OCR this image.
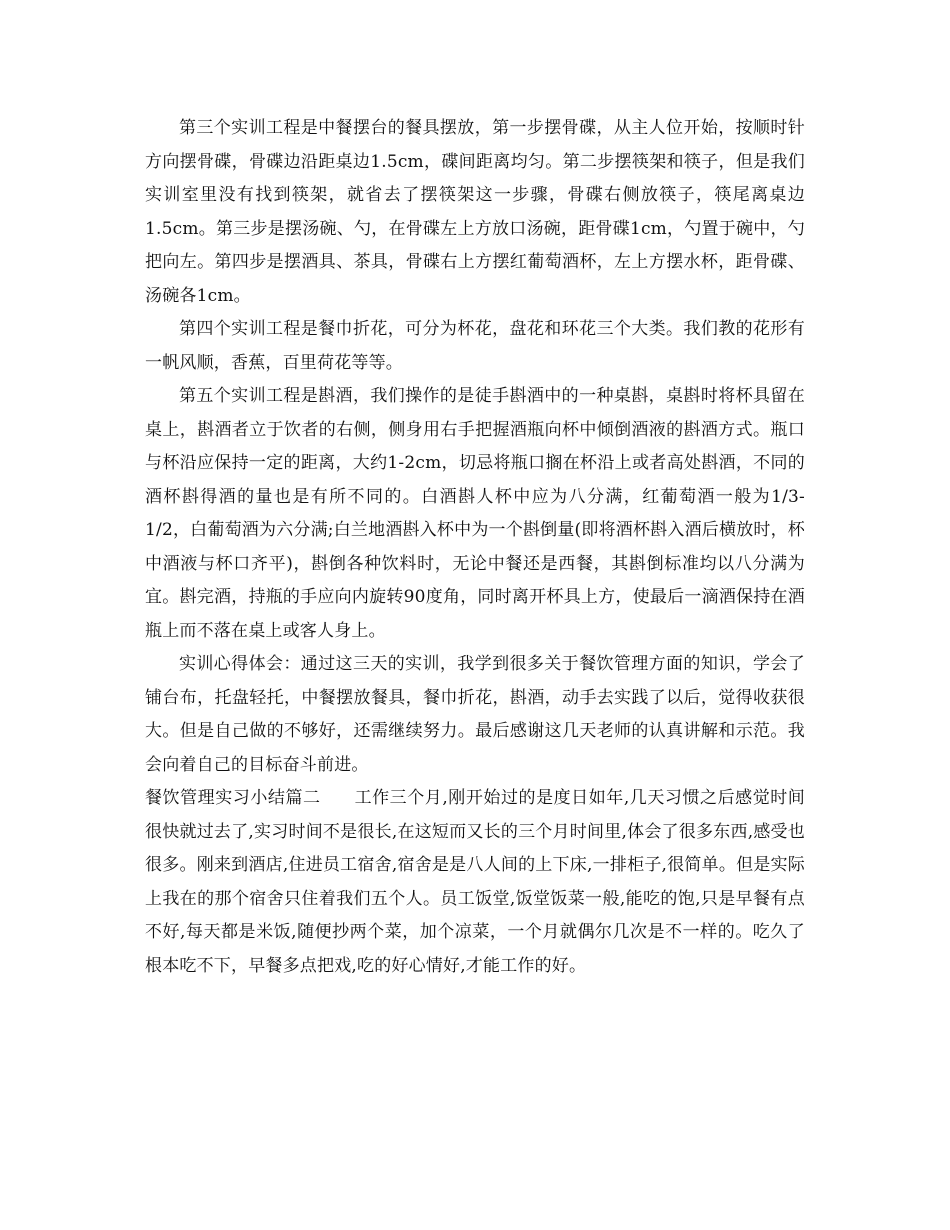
第三个实训工程是中餐摆台的餐具摆放，第一步摆骨碟，从主人位开始，按顺时针方向摆骨碟，骨碟边沿距桌边1.5cm，碟间距离均匀。第二步摆筷架和筷子，但是我们实训室里没有找到筷架，就省去了摆筷架这一步骤，骨碟右侧放筷子，筷尾离桌边1.5cm。第三步是摆汤碗、勺，在骨碟左上方放口汤碗，距骨碟1cm，勺置于碗中，勺把向左。第四步是摆酒具、茶具，骨碟右上方摆红葡萄酒杯，左上方摆水杯，距骨碟、汤碗各1cm。

第四个实训工程是餐巾折花，可分为杯花，盘花和环花三个大类。我们教的花形有一帆风顺，香蕉，百里荷花等等。

第五个实训工程是斟酒，我们操作的是徒手斟酒中的一种桌斟，桌斟时将杯具留在桌上，斟酒者立于饮者的右侧，侧身用右手把握酒瓶向杯中倾倒酒液的斟酒方式。瓶口与杯沿应保持一定的距离，大约1-2cm，切忌将瓶口搁在杯沿上或者高处斟酒，不同的酒杯斟得酒的量也是有所不同的。白酒斟人杯中应为八分满，红葡萄酒一般为1/3-1/2，白葡萄酒为六分满;白兰地酒斟入杯中为一个斟倒量(即将酒杯斟入酒后横放时，杯中酒液与杯口齐平)，斟倒各种饮料时，无论中餐还是西餐，其斟倒标准均以八分满为宜。斟完酒，持瓶的手应向内旋转90度角，同时离开杯具上方，使最后一滴酒保持在酒瓶上而不落在桌上或客人身上。

实训心得体会：通过这三天的实训，我学到很多关于餐饮管理方面的知识，学会了铺台布，托盘轻托，中餐摆放餐具，餐巾折花，斟酒，动手去实践了以后，觉得收获很大。但是自己做的不够好，还需继续努力。最后感谢这几天老师的认真讲解和示范。我会向着自己的目标奋斗前进。

餐饮管理实习小结篇二 工作三个月,刚开始过的是度日如年,几天习惯之后感觉时间很快就过去了,实习时间不是很长,在这短而又长的三个月时间里,体会了很多东西,感受也很多。刚来到酒店,住进员工宿舍,宿舍是是八人间的上下床,一排柜子,很简单。但是实际上我在的那个宿舍只住着我们五个人。员工饭堂,饭堂饭菜一般,能吃的饱,只是早餐有点不好,每天都是米饭,随便抄两个菜，加个凉菜，一个月就偶尔几次是不一样的。吃久了根本吃不下，早餐多点把戏,吃的好心情好,才能工作的好。
